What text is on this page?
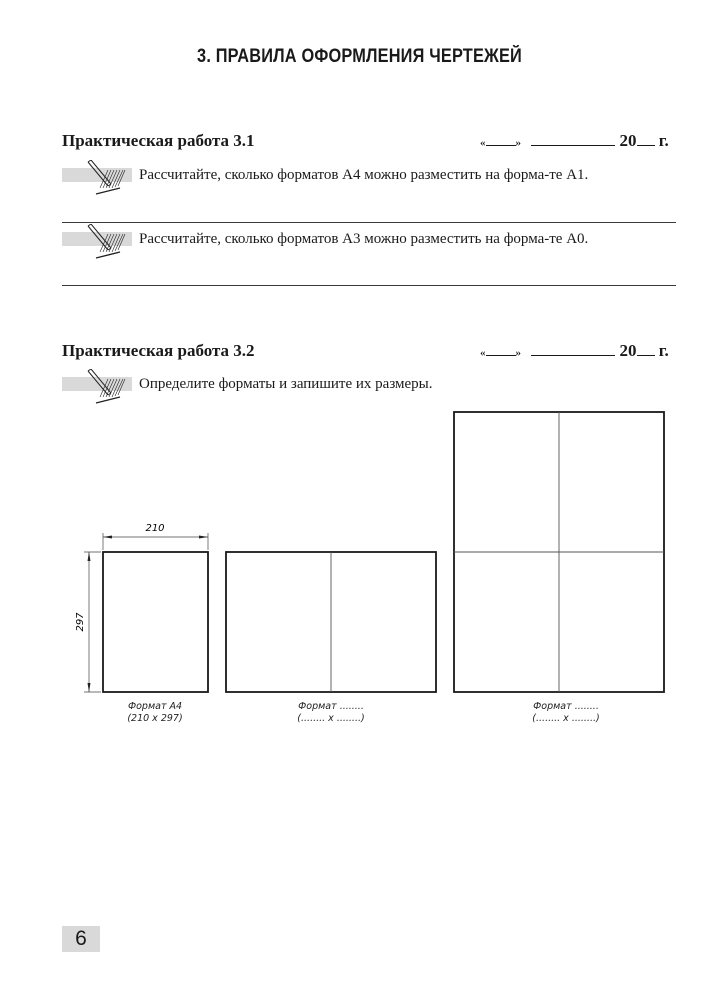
3. ПРАВИЛА ОФОРМЛЕНИЯ ЧЕРТЕЖЕЙ
Практическая работа 3.1	«	»	20 г.
Рассчитайте, сколько форматов А4 можно разместить на форма-те А1.
Рассчитайте, сколько форматов А3 можно разместить на форма-те А0.
Практическая работа 3.2	«	»	20 г.
Определите форматы и запишите их размеры.
210
297
Формат А4
(210 x 297)
Формат ........
(........ x ........)
Формат ........
(........ x ........)
6
